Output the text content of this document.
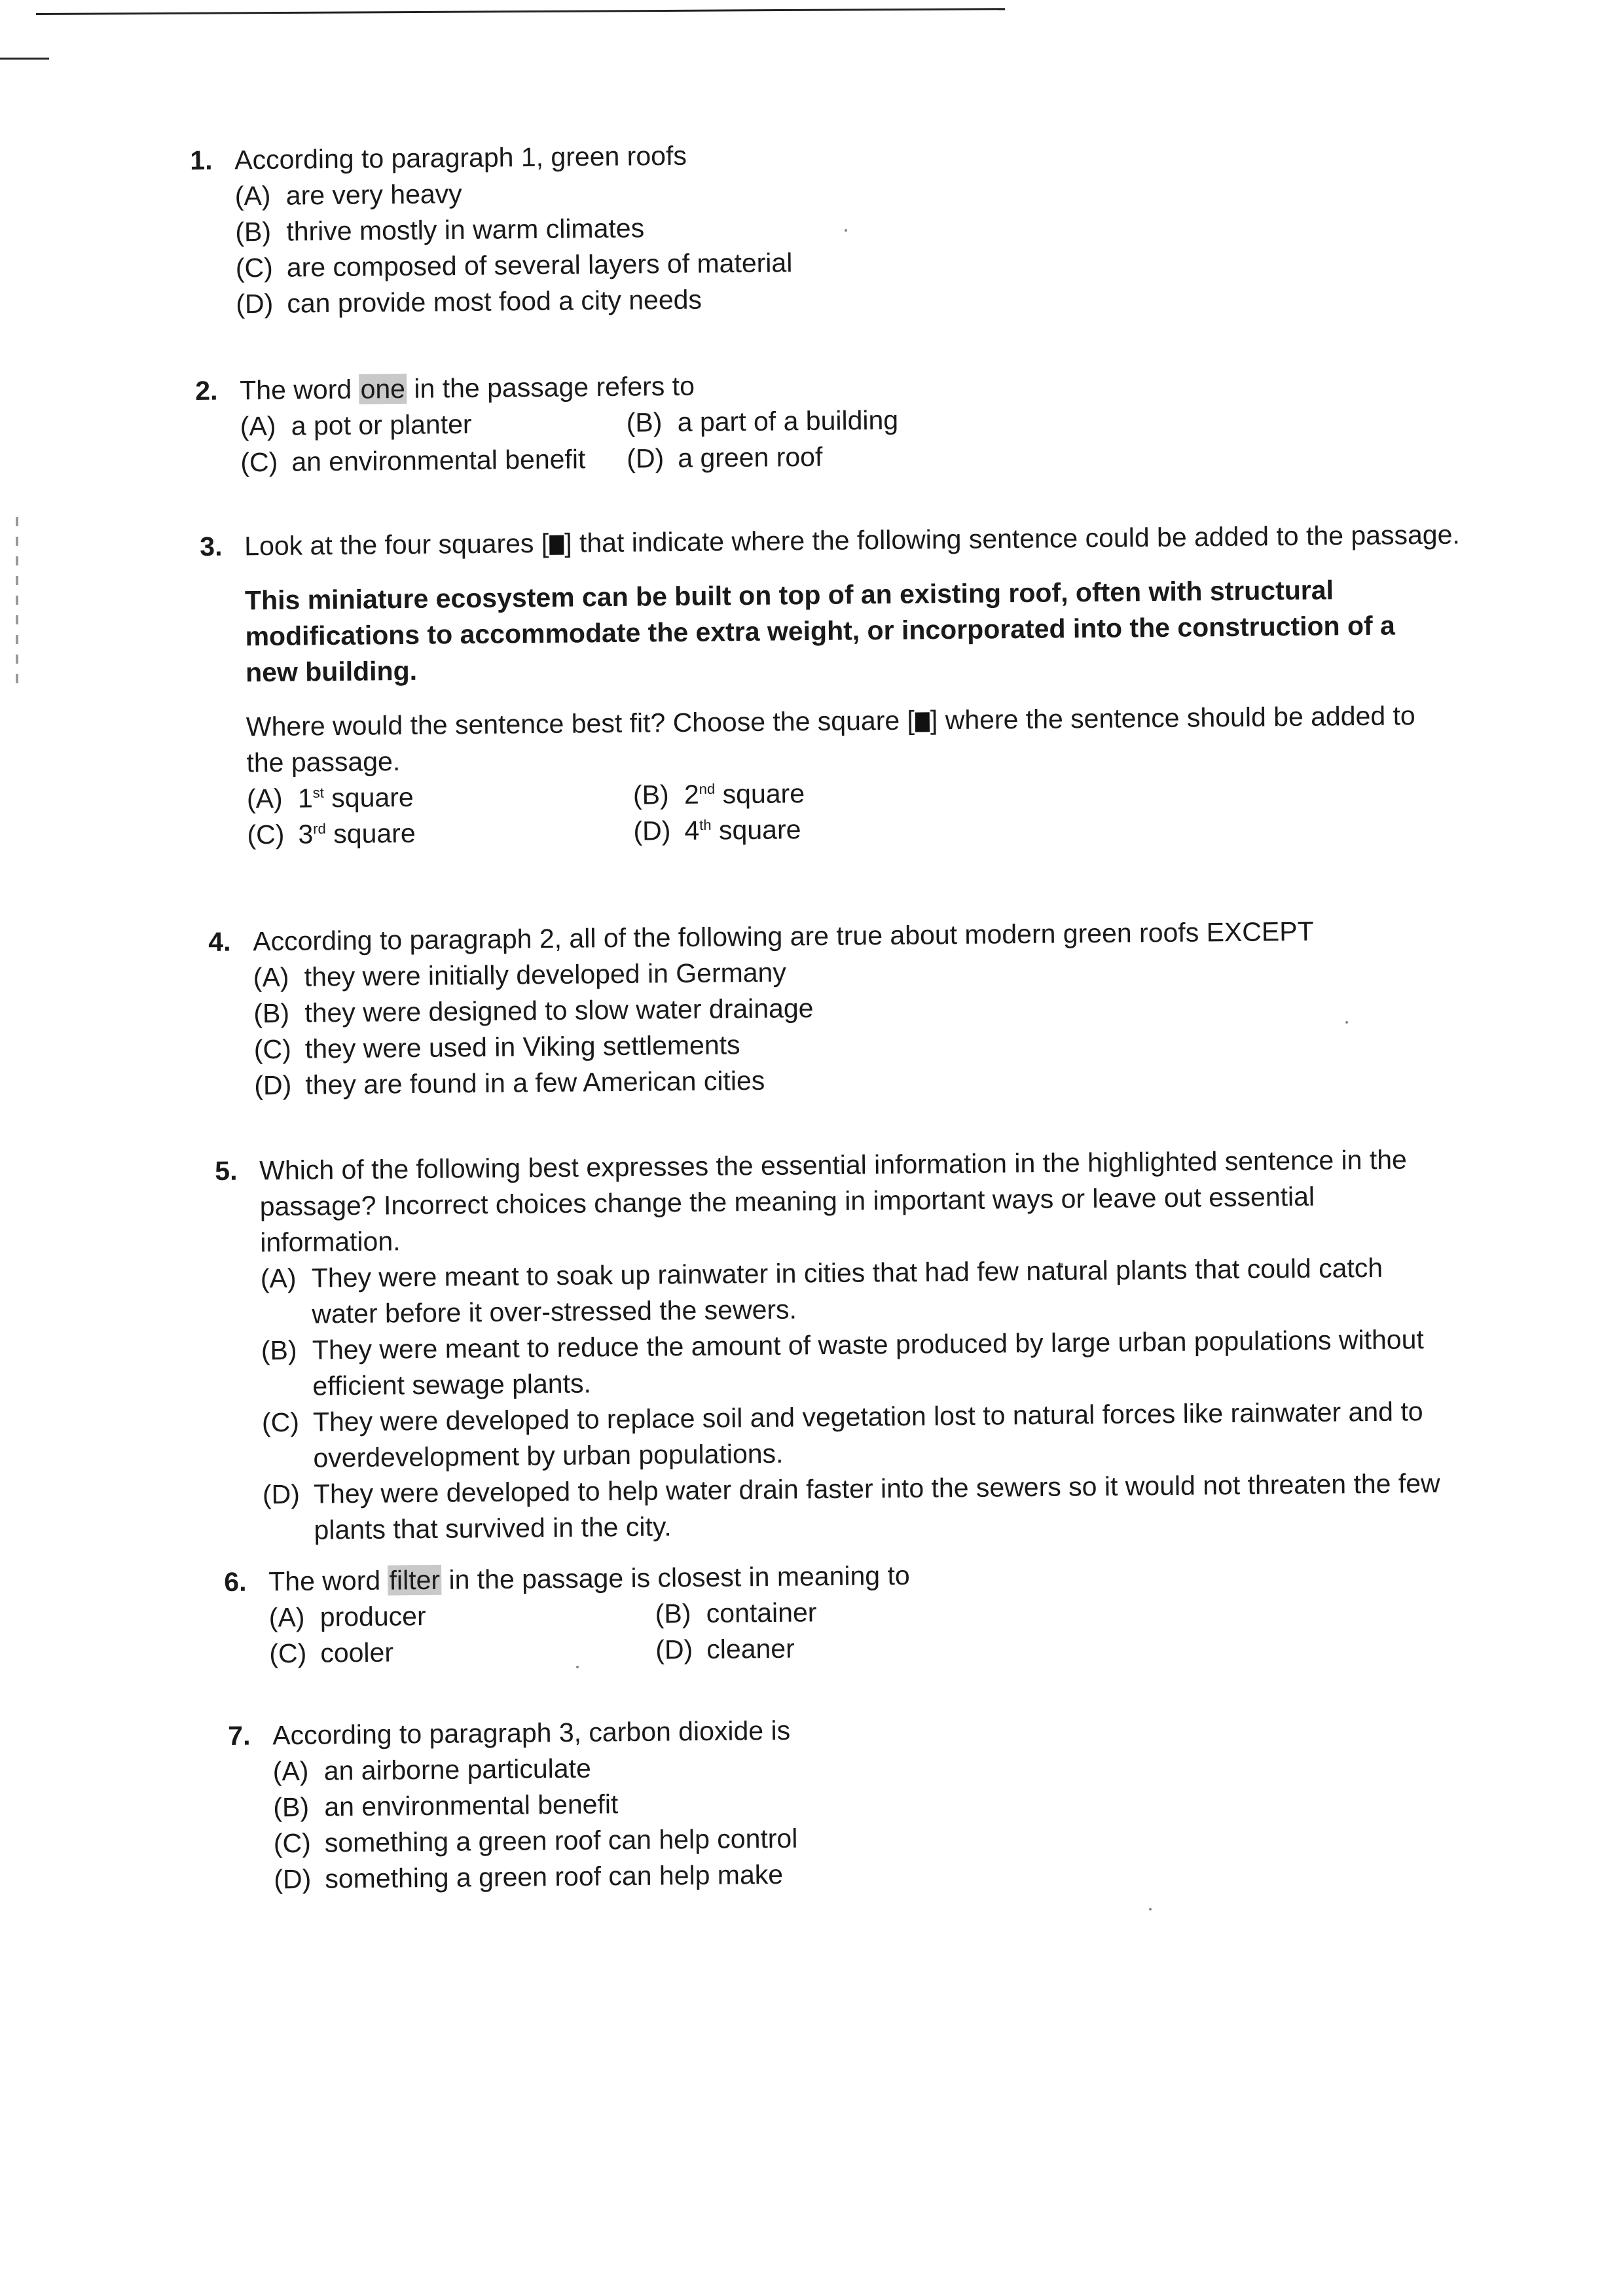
1. According to paragraph 1, green roofs
(A) are very heavy
(B) thrive mostly in warm climates
(C) are composed of several layers of material
(D) can provide most food a city needs
2. The word one in the passage refers to
(A) a pot or planter	(B) a part of a building
(C) an environmental benefit	(D) a green roof
3. Look at the four squares [ ] that indicate where the following sentence could be added to the passage.
This miniature ecosystem can be built on top of an existing roof, often with structural modifications to accommodate the extra weight, or incorporated into the construction of a new building.
Where would the sentence best fit? Choose the square [ ] where the sentence should be added to the passage.
(A) 1st square	(B) 2nd square
(C) 3rd square	(D) 4th square
4. According to paragraph 2, all of the following are true about modern green roofs EXCEPT
(A) they were initially developed in Germany
(B) they were designed to slow water drainage
(C) they were used in Viking settlements
(D) they are found in a few American cities
5. Which of the following best expresses the essential information in the highlighted sentence in the passage? Incorrect choices change the meaning in important ways or leave out essential information.
(A) They were meant to soak up rainwater in cities that had few natural plants that could catch water before it over-stressed the sewers.
(B) They were meant to reduce the amount of waste produced by large urban populations without efficient sewage plants.
(C) They were developed to replace soil and vegetation lost to natural forces like rainwater and to overdevelopment by urban populations.
(D) They were developed to help water drain faster into the sewers so it would not threaten the few plants that survived in the city.
6. The word filter in the passage is closest in meaning to
(A) producer	(B) container
(C) cooler	(D) cleaner
7. According to paragraph 3, carbon dioxide is
(A) an airborne particulate
(B) an environmental benefit
(C) something a green roof can help control
(D) something a green roof can help make
